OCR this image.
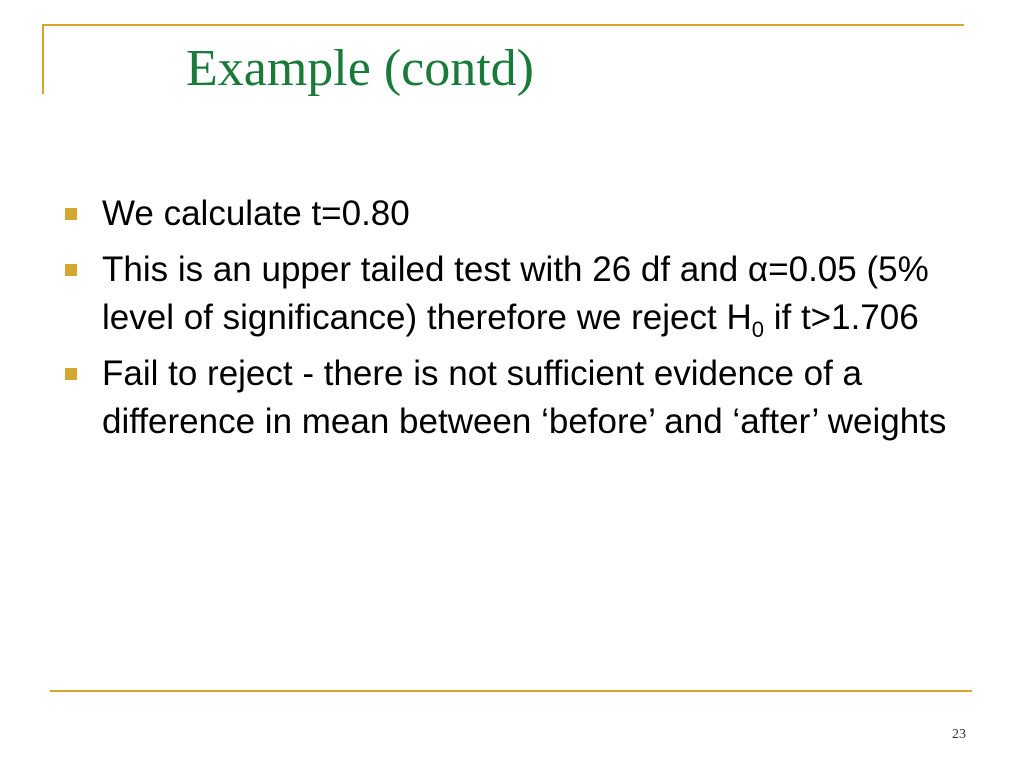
Example (contd)
We calculate t=0.80
This is an upper tailed test with 26 df and α=0.05 (5% level of significance) therefore we reject $H_0$ if t>1.706
Fail to reject - there is not sufficient evidence of a difference in mean between ‘before’ and ‘after’ weights
23
